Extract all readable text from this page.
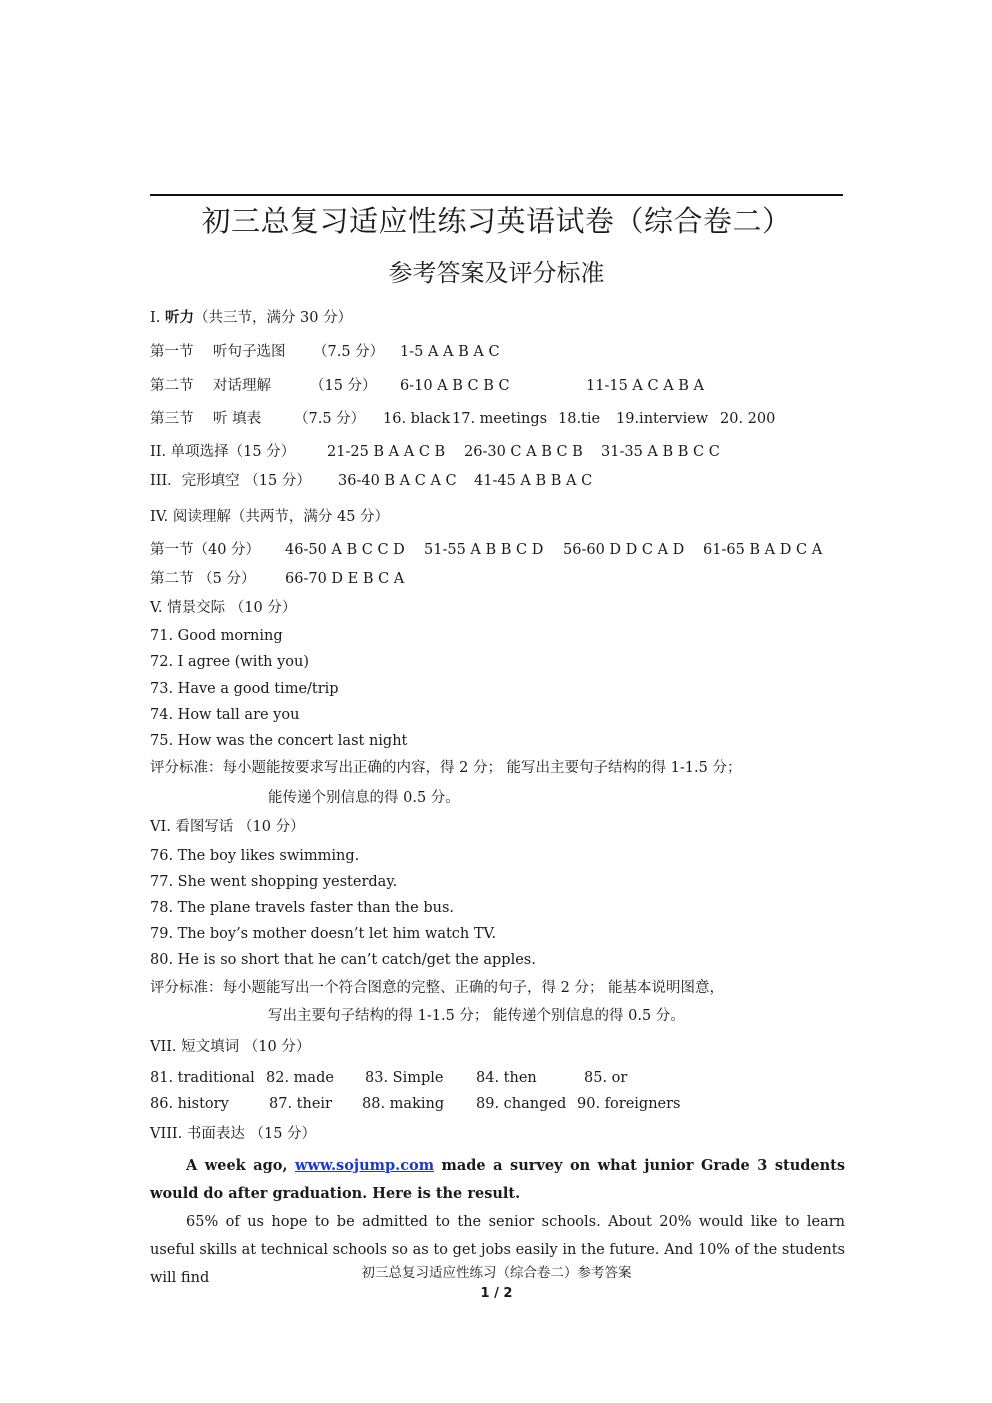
初三总复习适应性练习英语试卷（综合卷二）
参考答案及评分标准
I. 听力（共三节，满分 30 分）
第一节 听句子选图 （7.5 分） 1-5 A A B A C
第二节 对话理解	（15 分） 6-10 A B C B C	11-15 A C A B A
第三节 听 填表 （7.5 分） 16. black 17. meetings 18.tie 19.interview 20. 200
II. 单项选择（15 分） 21-25 B A A C B 26-30 C A B C B 31-35 A B B C C
III．完形填空 （15 分） 36-40 B A C A C 41-45 A B B A C
IV. 阅读理解（共两节，满分 45 分）
第一节（40 分） 46-50 A B C C D 51-55 A B B C D 56-60 D D C A D 61-65 B A D C A
第二节 （5 分） 66-70 D E B C A
V. 情景交际 （10 分）
71. Good morning
72. I agree (with you)
73. Have a good time/trip
74. How tall are you
75. How was the concert last night
评分标准：每小题能按要求写出正确的内容，得 2 分； 能写出主要句子结构的得 1-1.5 分；
能传递个别信息的得 0.5 分。
VI. 看图写话 （10 分）
76. The boy likes swimming.
77. She went shopping yesterday.
78. The plane travels faster than the bus.
79. The boy’s mother doesn’t let him watch TV.
80. He is so short that he can’t catch/get the apples.
评分标准：每小题能写出一个符合图意的完整、正确的句子，得 2 分； 能基本说明图意，
写出主要句子结构的得 1-1.5 分； 能传递个别信息的得 0.5 分。
VII. 短文填词 （10 分）
81. traditional 82. made 83. Simple 84. then	85. or
86. history	87. their 88. making 89. changed 90. foreigners
VIII. 书面表达 （15 分）

A week ago, www.sojump.com made a survey on what junior Grade 3 students would do after graduation. Here is the result.

65% of us hope to be admitted to the senior schools. About 20% would like to learn useful skills at technical schools so as to get jobs easily in the future. And 10% of the students will find	初三总复习适应性练习（综合卷二）参考答案
1 / 2
